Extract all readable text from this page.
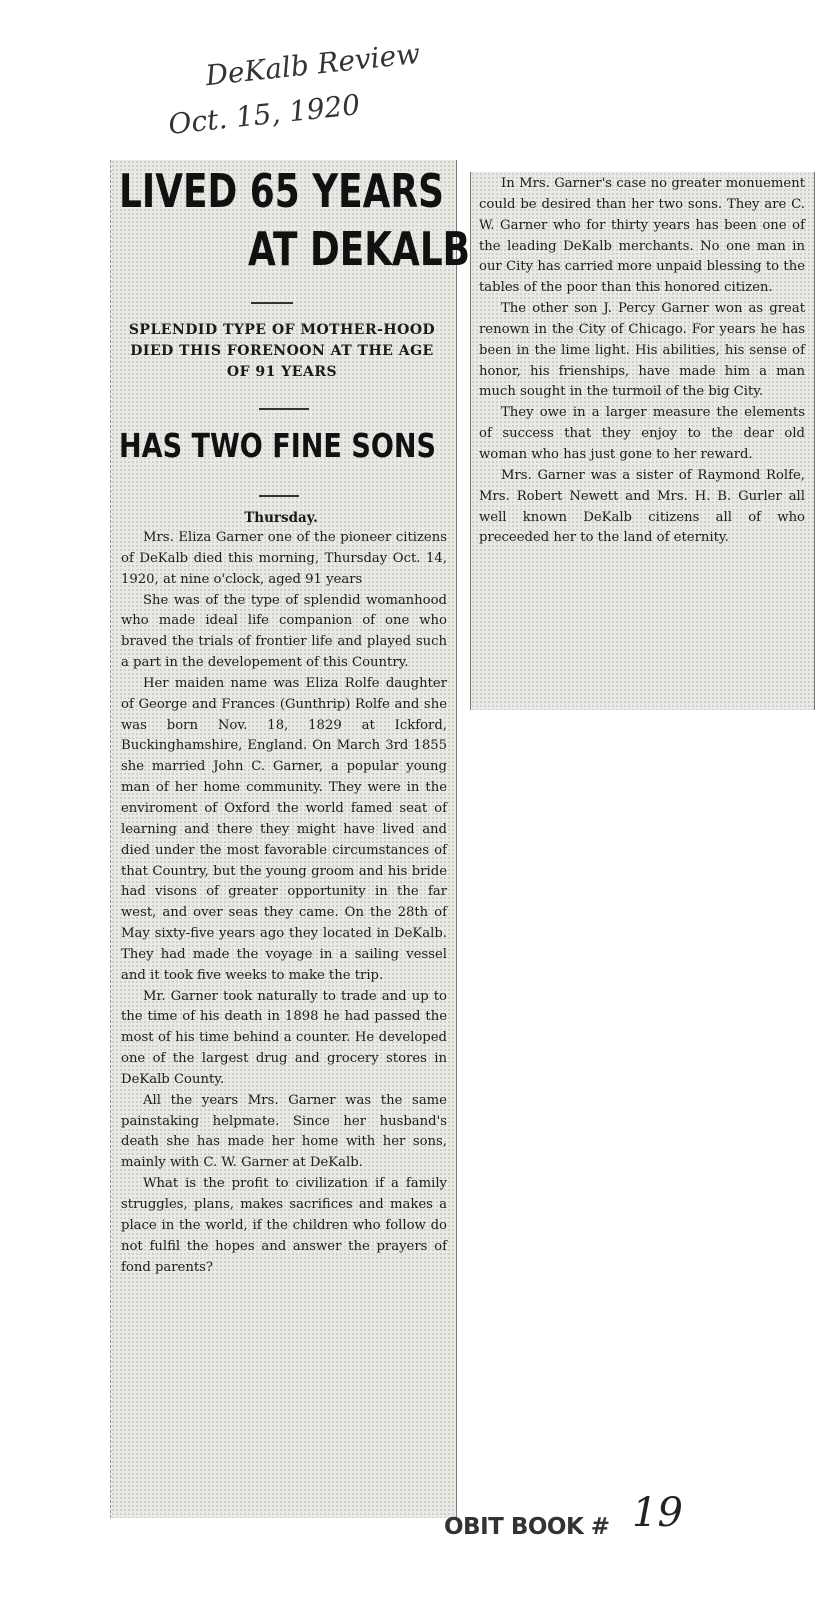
DeKalb Review
Oct. 15, 1920
LIVED 65 YEARS
AT DEKALB
SPLENDID TYPE OF MOTHER-HOOD DIED THIS FORENOON AT THE AGE OF 91 YEARS
HAS TWO FINE SONS
Thursday.

Mrs. Eliza Garner one of the pioneer citizens of DeKalb died this morning, Thursday Oct. 14, 1920, at nine o'clock, aged 91 years

She was of the type of splendid womanhood who made ideal life companion of one who braved the trials of frontier life and played such a part in the developement of this Country.

Her maiden name was Eliza Rolfe daughter of George and Frances (Gunthrip) Rolfe and she was born Nov. 18, 1829 at Ickford, Buckinghamshire, England. On March 3rd 1855 she married John C. Garner, a popular young man of her home community. They were in the enviroment of Oxford the world famed seat of learning and there they might have lived and died under the most favorable circumstances of that Country, but the young groom and his bride had visons of greater opportunity in the far west, and over seas they came. On the 28th of May sixty-five years ago they located in DeKalb. They had made the voyage in a sailing vessel and it took five weeks to make the trip.

Mr. Garner took naturally to trade and up to the time of his death in 1898 he had passed the most of his time behind a counter. He developed one of the largest drug and grocery stores in DeKalb County.

All the years Mrs. Garner was the same painstaking helpmate. Since her husband's death she has made her home with her sons, mainly with C. W. Garner at DeKalb.

What is the profit to civilization if a family struggles, plans, makes sacrifices and makes a place in the world, if the children who follow do not fulfil the hopes and answer the prayers of fond parents?

In Mrs. Garner's case no greater monuement could be desired than her two sons. They are C. W. Garner who for thirty years has been one of the leading DeKalb merchants. No one man in our City has carried more unpaid blessing to the tables of the poor than this honored citizen.

The other son J. Percy Garner won as great renown in the City of Chicago. For years he has been in the lime light. His abilities, his sense of honor, his frienships, have made him a man much sought in the turmoil of the big City.

They owe in a larger measure the elements of success that they enjoy to the dear old woman who has just gone to her reward.

Mrs. Garner was a sister of Raymond Rolfe, Mrs. Robert Newett and Mrs. H. B. Gurler all well known DeKalb citizens all of who preceeded her to the land of eternity.

OBIT BOOK # 19
